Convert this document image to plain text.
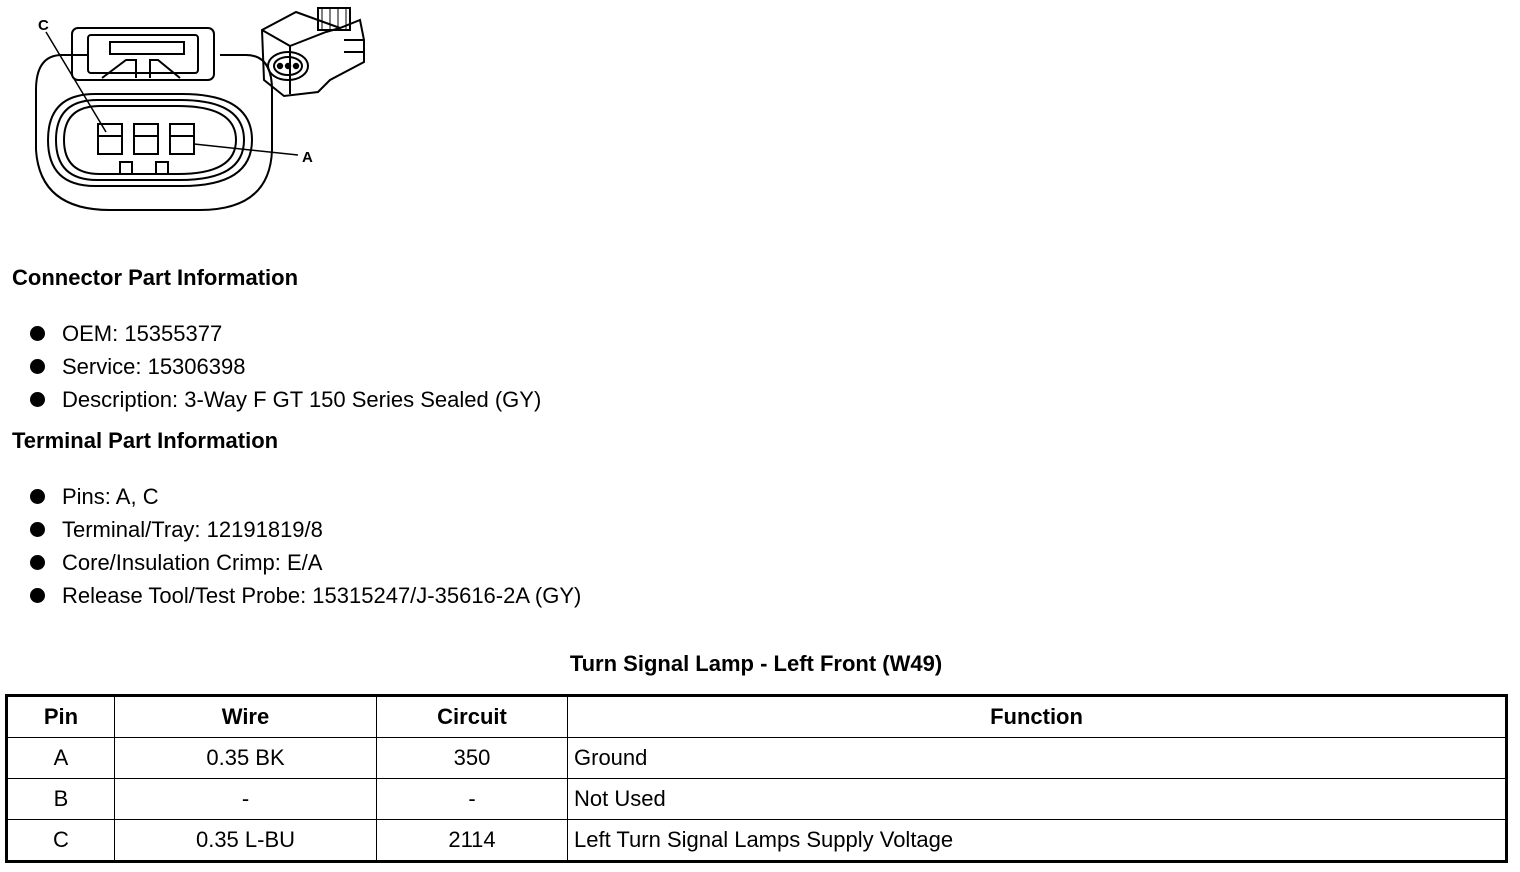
C
A
Connector Part Information
OEM: 15355377
Service: 15306398
Description: 3-Way F GT 150 Series Sealed (GY)
Terminal Part Information
Pins: A, C
Terminal/Tray: 12191819/8
Core/Insulation Crimp: E/A
Release Tool/Test Probe: 15315247/J-35616-2A (GY)
Turn Signal Lamp - Left Front (W49)
Pin	Wire	Circuit	Function
A	0.35 BK	350	Ground
B	-	-	Not Used
C	0.35 L-BU	2114	Left Turn Signal Lamps Supply Voltage
